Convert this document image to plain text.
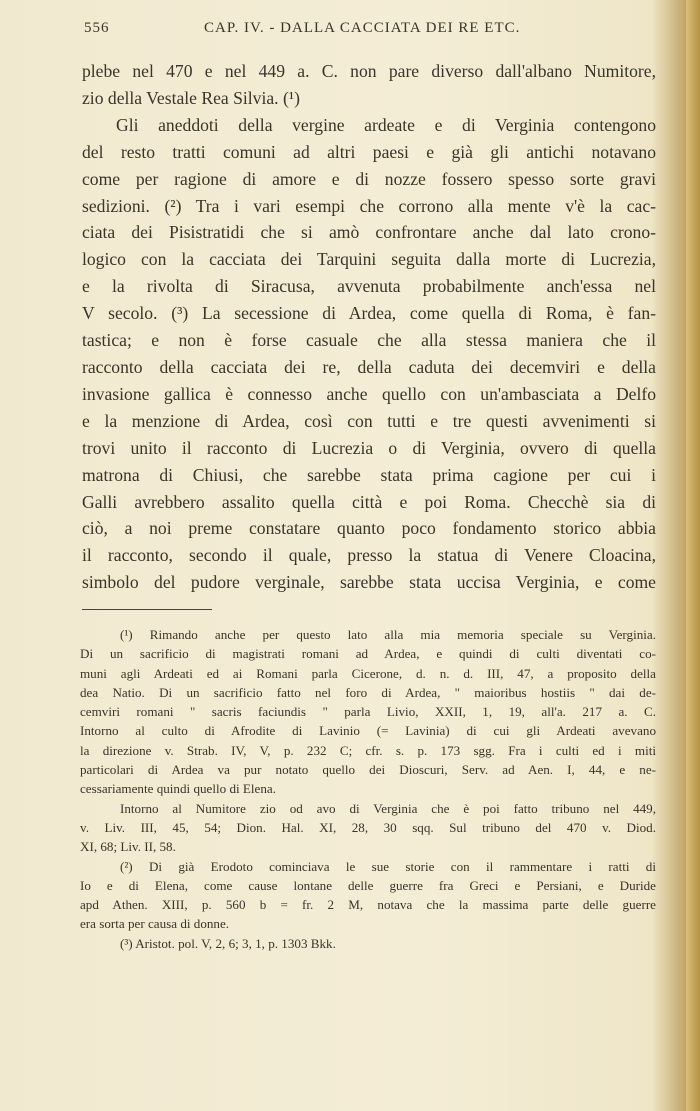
556	CAP. IV. - DALLA CACCIATA DEI RE ETC.
plebe nel 470 e nel 449 a. C. non pare diverso dall'albano Numitore,
zio della Vestale Rea Silvia. (¹)
Gli aneddoti della vergine ardeate e di Verginia contengono
del resto tratti comuni ad altri paesi e già gli antichi notavano
come per ragione di amore e di nozze fossero spesso sorte gravi
sedizioni. (²) Tra i vari esempi che corrono alla mente v'è la cac-
ciata dei Pisistratidi che si amò confrontare anche dal lato crono-
logico con la cacciata dei Tarquini seguita dalla morte di Lucrezia,
e la rivolta di Siracusa, avvenuta probabilmente anch'essa nel
V secolo. (³) La secessione di Ardea, come quella di Roma, è fan-
tastica; e non è forse casuale che alla stessa maniera che il
racconto della cacciata dei re, della caduta dei decemviri e della
invasione gallica è connesso anche quello con un'ambasciata a Delfo
e la menzione di Ardea, così con tutti e tre questi avvenimenti si
trovi unito il racconto di Lucrezia o di Verginia, ovvero di quella
matrona di Chiusi, che sarebbe stata prima cagione per cui i
Galli avrebbero assalito quella città e poi Roma. Checchè sia di
ciò, a noi preme constatare quanto poco fondamento storico abbia
il racconto, secondo il quale, presso la statua di Venere Cloacina,
simbolo del pudore verginale, sarebbe stata uccisa Verginia, e come
(¹) Rimando anche per questo lato alla mia memoria speciale su Verginia.
Di un sacrificio di magistrati romani ad Ardea, e quindi di culti diventati co-
muni agli Ardeati ed ai Romani parla Cicerone, d. n. d. III, 47, a proposito della
dea Natio. Di un sacrificio fatto nel foro di Ardea, " maioribus hostiis " dai de-
cemviri romani " sacris faciundis " parla Livio, XXII, 1, 19, all'a. 217 a. C.
Intorno al culto di Afrodite di Lavinio (= Lavinia) di cui gli Ardeati avevano
la direzione v. Strab. IV, V, p. 232 C; cfr. s. p. 173 sgg. Fra i culti ed i miti
particolari di Ardea va pur notato quello dei Dioscuri, Serv. ad Aen. I, 44, e ne-
cessariamente quindi quello di Elena.
Intorno al Numitore zio od avo di Verginia che è poi fatto tribuno nel 449,
v. Liv. III, 45, 54; Dion. Hal. XI, 28, 30 sqq. Sul tribuno del 470 v. Diod.
XI, 68; Liv. II, 58.
(²) Di già Erodoto cominciava le sue storie con il rammentare i ratti di
Io e di Elena, come cause lontane delle guerre fra Greci e Persiani, e Duride
apd Athen. XIII, p. 560 b = fr. 2 M, notava che la massima parte delle guerre
era sorta per causa di donne.
(³) Aristot. pol. V, 2, 6; 3, 1, p. 1303 Bkk.
